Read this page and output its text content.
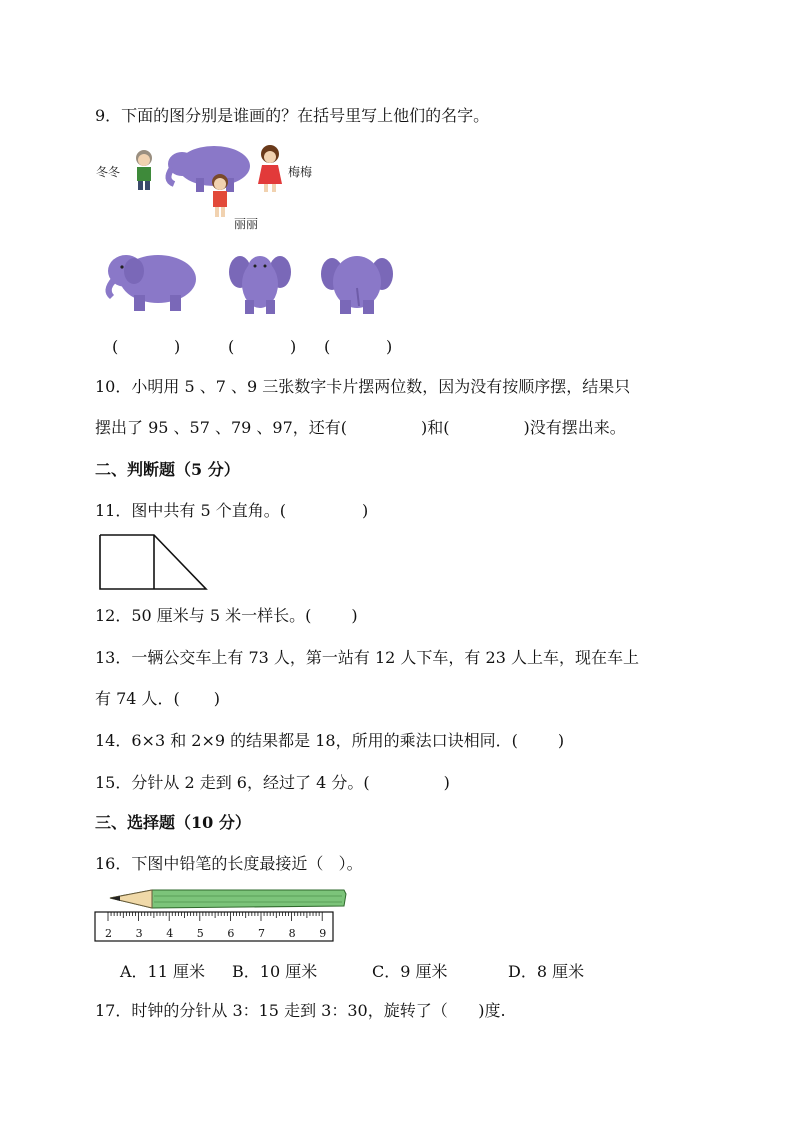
9．下面的图分别是谁画的？在括号里写上他们的名字。
冬冬
丽丽
梅梅
(	)	(	) (	)
10．小明用 5 、7 、9 三张数字卡片摆两位数，因为没有按顺序摆，结果只
摆出了 95 、57 、79 、97，还有(	)和(	)没有摆出来。
二、判断题（5 分）
11．图中共有 5 个直角。(	)
12．50 厘米与 5 米一样长。(	)
13．一辆公交车上有 73 人，第一站有 12 人下车，有 23 人上车，现在车上
有 74 人．( )
14．6×3 和 2×9 的结果都是 18，所用的乘法口诀相同．(	)
15．分针从 2 走到 6，经过了 4 分。(	)
三、选择题（10 分）
16．下图中铅笔的长度最接近（   ）。
2 3 4 5 6 7 8 9
A．11 厘米 B．10 厘米	C．9 厘米	D．8 厘米
17．时钟的分针从 3：15 走到 3：30，旋转了（      )度.
